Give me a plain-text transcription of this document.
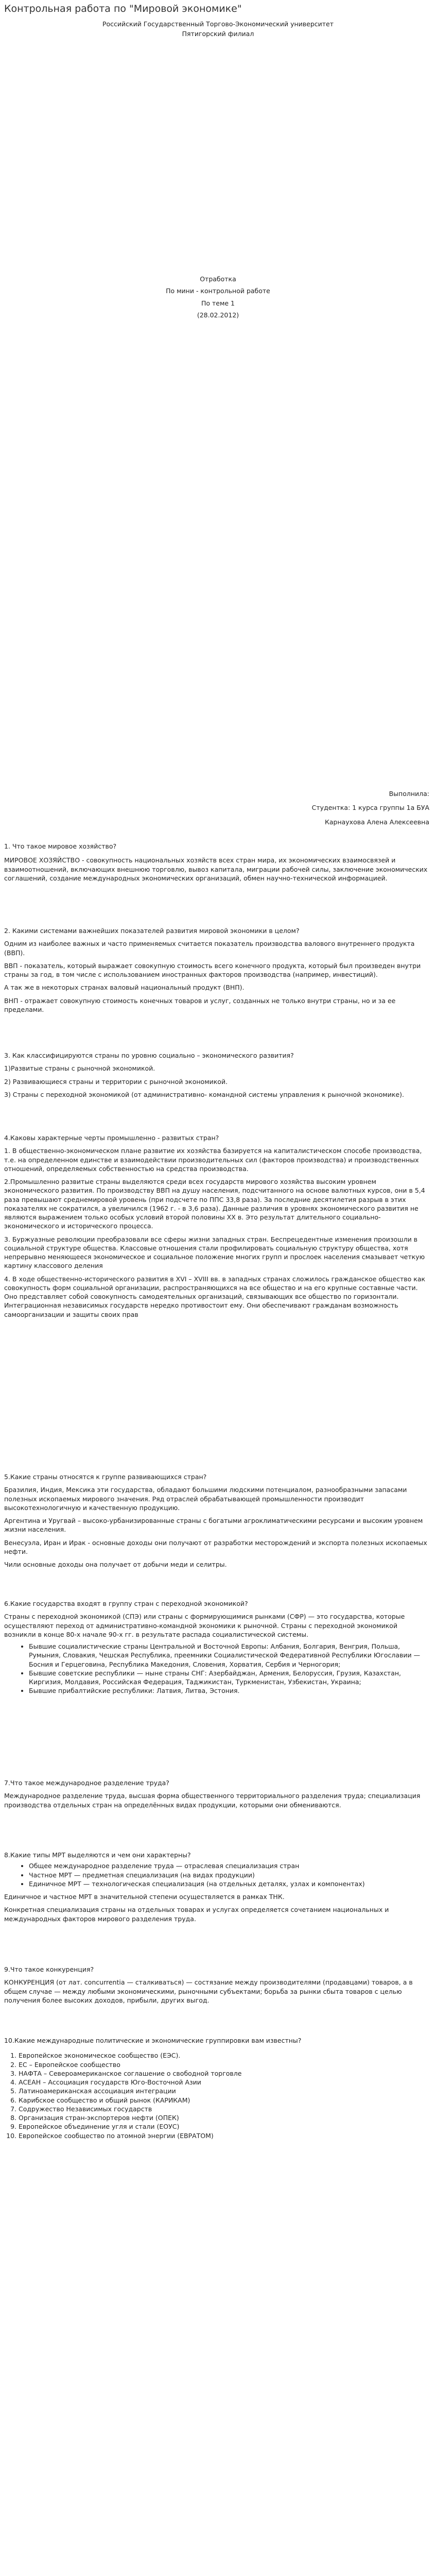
Контрольная работа по "Мировой экономике"

Российский Государственный Торгово-Экономический университет

Пятигорский филиал

Отработка

По мини - контрольной работе

По теме 1

(28.02.2012)

Выполнила:

Студентка: 1 курса группы 1а БУА

Карнаухова Алена Алексеевна

1. Что такое мировое хозяйство?

МИРОВОЕ ХОЗЯЙСТВО - совокупность национальных хозяйств всех стран мира, их экономических взаимосвязей и взаимоотношений, включающих внешнюю торговлю, вывоз капитала, миграции рабочей силы, заключение экономических соглашений, создание международных экономических организаций, обмен научно-технической информацией.

2. Какими системами важнейших показателей развития мировой экономики в целом?

Одним из наиболее важных и часто применяемых считается показатель производства валового внутреннего продукта (ВВП).

ВВП - показатель, который выражает совокупную стоимость всего конечного продукта, который был произведен внутри страны за год, в том числе с использованием иностранных факторов производства (например, инвестиций).

А так же в некоторых странах валовый национальный продукт (ВНП).

ВНП - отражает совокупную стоимость конечных товаров и услуг, созданных не только внутри страны, но и за ее пределами.

3. Как классифицируются страны по уровню социально – экономического развития?

1)Развитые страны с рыночной экономикой.

2) Развивающиеся страны и территории с рыночной экономикой.

3) Страны с переходной экономикой (от административно- командной системы управления к рыночной экономике).

4.Каковы характерные черты промышленно - развитых стран?

1. В общественно-экономическом плане развитие их хозяйства базируется на капиталистическом способе производства, т.е. на определенном единстве и взаимодействии производительных сил (факторов производства) и производственных отношений, определяемых собственностью на средства производства.

2.Промышленно развитые страны выделяются среди всех государств мирового хозяйства высоким уровнем экономического развития. По производству ВВП на душу населения, подсчитанного на основе валютных курсов, они в 5,4 раза превышают среднемировой уровень (при подсчете по ППС 33,8 раза). За последние десятилетия разрыв в этих показателях не сократился, а увеличился (1962 г. - в 3,6 раза). Данные различия в уровнях экономического развития не являются выражением только особых условий второй половины XX в. Это результат длительного социально-экономического и исторического процесса.

3. Буржуазные революции преобразовали все сферы жизни западных стран. Беспрецедентные изменения произошли в социальной структуре общества. Классовые отношения стали профилировать социальную структуру общества, хотя непрерывно меняющееся экономическое и социальное положение многих групп и прослоек населения смазывает четкую картину классового деления

4. В ходе общественно-исторического развития в XVI – XVIII вв. в западных странах сложилось гражданское общество как совокупность форм социальной организации, распространяющихся на все общество и на его крупные составные части. Оно представляет собой совокупность самодеятельных организаций, связывающих все общество по горизонтали. Интеграционная независимых государств нередко противостоит ему. Они обеспечивают гражданам возможность самоорганизации и защиты своих прав

5.Какие страны относятся к группе развивающихся стран?

Бразилия, Индия, Мексика эти государства, обладают большими людскими потенциалом, разнообразными запасами полезных ископаемых мирового значения. Ряд отраслей обрабатывающей промышленности производит высокотехнологичную и качественную продукцию.

Аргентина и Уругвай – высоко-урбанизированные страны с богатыми агроклиматическими ресурсами и высоким уровнем жизни населения.

Венесуэла, Иран и Ирак - основные доходы они получают от разработки месторождений и экспорта полезных ископаемых нефти.

Чили основные доходы она получает от добычи меди и селитры.

6.Какие государства входят в группу стран с переходной экономикой?

Страны с переходной экономикой (СПЭ) или страны с формирующимися рынками (СФР) — это государства, которые осуществляют переход от административно-командной экономики к рыночной. Страны с переходной экономикой возникли в конце 80-х начале 90-х гг. в результате распада социалистической системы.

• Бывшие социалистические страны Центральной и Восточной Европы: Албания, Болгария, Венгрия, Польша, Румыния, Словакия, Чешская Республика, преемники Социалистической Федеративной Республики Югославии — Босния и Герцеговина, Республика Македония, Словения, Хорватия, Сербия и Черногория;
• Бывшие советские республики — ныне страны СНГ: Азербайджан, Армения, Белоруссия, Грузия, Казахстан, Киргизия, Молдавия, Российская Федерация, Таджикистан, Туркменистан, Узбекистан, Украина;
• Бывшие прибалтийские республики: Латвия, Литва, Эстония.

7.Что такое международное разделение труда?

Международное разделение труда, высшая форма общественного территориального разделения труда; специализация производства отдельных стран на определённых видах продукции, которыми они обмениваются.

8.Какие типы МРТ выделяются и чем они характерны?

• Общее международное разделение труда — отраслевая специализация стран
• Частное МРТ — предметная специализация (на видах продукции)
• Единичное МРТ — технологическая специализация (на отдельных деталях, узлах и компонентах)

Единичное и частное МРТ в значительной степени осуществляется в рамках ТНК.

Конкретная специализация страны на отдельных товарах и услугах определяется сочетанием национальных и международных факторов мирового разделения труда.

9.Что такое конкуренция?

КОНКУРЕНЦИЯ (от лат. concurrentia — сталкиваться) — состязание между производителями (продавцами) товаров, а в общем случае — между любыми экономическими, рыночными субъектами; борьба за рынки сбыта товаров с целью получения более высоких доходов, прибыли, других выгод.

10.Какие международные политические и экономические группировки вам известны?

1. Европейское экономическое сообщество (ЕЭС).
2. ЕС – Европейское сообщество
3. НАФТА – Североамериканское соглашение о свободной торговле
4. АСЕАН – Ассоциация государств Юго-Восточной Азии
5. Латиноамериканская ассоциация интеграции
6. Карибское сообщество и общий рынок (КАРИКАМ)
7. Содружество Независимых государств
8. Организация стран-экспортеров нефти (ОПЕК)
9. Европейское объединение угля и стали (ЕОУС)
10. Европейское сообщество по атомной энергии (ЕВРАТОМ)
